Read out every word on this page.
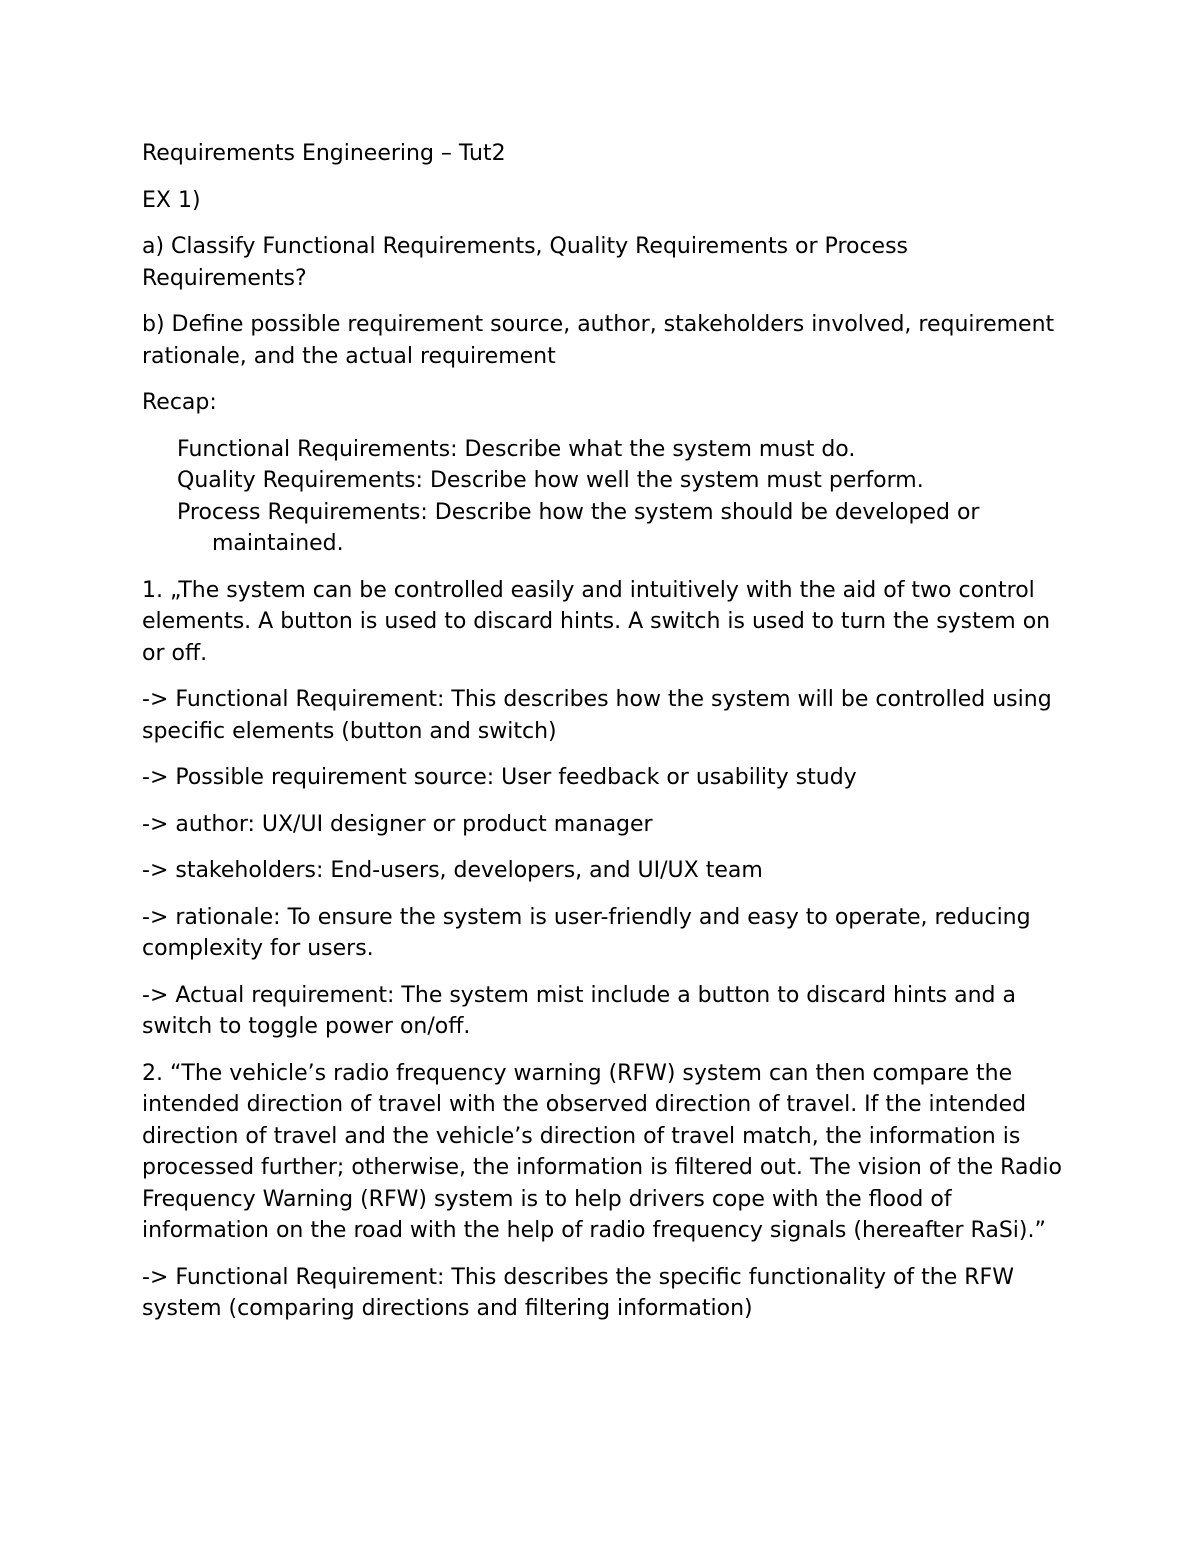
Requirements Engineering – Tut2

EX 1)

a) Classify Functional Requirements, Quality Requirements or Process Requirements?

b) Define possible requirement source, author, stakeholders involved, requirement rationale, and the actual requirement

Recap:

Functional Requirements: Describe what the system must do.

Quality Requirements: Describe how well the system must perform.

Process Requirements: Describe how the system should be developed or maintained.

1. „The system can be controlled easily and intuitively with the aid of two control elements. A button is used to discard hints. A switch is used to turn the system on or off.

-> Functional Requirement: This describes how the system will be controlled using specific elements (button and switch)

-> Possible requirement source: User feedback or usability study

-> author: UX/UI designer or product manager

-> stakeholders: End-users, developers, and UI/UX team

-> rationale: To ensure the system is user-friendly and easy to operate, reducing complexity for users.

-> Actual requirement: The system mist include a button to discard hints and a switch to toggle power on/off.

2. “The vehicle’s radio frequency warning (RFW) system can then compare the intended direction of travel with the observed direction of travel. If the intended direction of travel and the vehicle’s direction of travel match, the information is processed further; otherwise, the information is filtered out. The vision of the Radio Frequency Warning (RFW) system is to help drivers cope with the flood of information on the road with the help of radio frequency signals (hereafter RaSi).”

-> Functional Requirement: This describes the specific functionality of the RFW system (comparing directions and filtering information)
